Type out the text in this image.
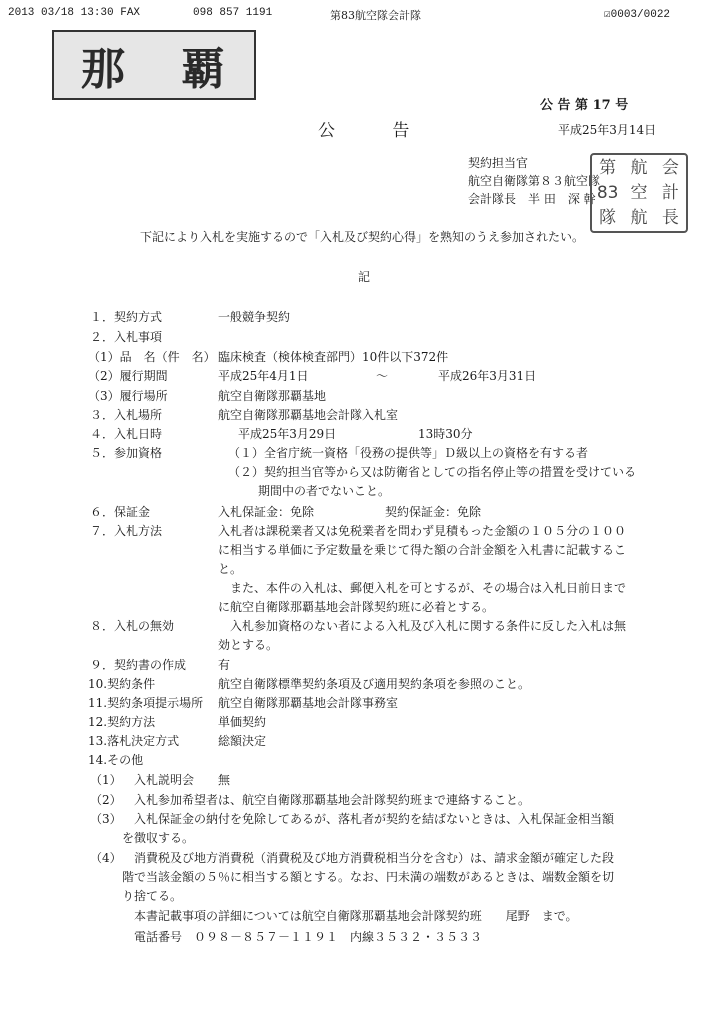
2013 03/18 13:30 FAX	098 857 1191	第83航空隊会計隊	☑0003/0022
那 覇
公 告 第 17 号
公 告	平成25年3月14日
契約担当官
航空自衛隊第８３航空隊
会計隊長　半 田　深 幹
第 航 会
83 空 計
隊 航 長
下記により入札を実施するので「入札及び契約心得」を熟知のうえ参加されたい。
記
１．契約方式	一般競争契約
２．入札事項
（1）品　名（件　名） 臨床検査（検体検査部門）10件以下372件
（2）履行期間	平成25年4月1日	～	平成26年3月31日
（3）履行場所	航空自衛隊那覇基地
３．入札場所	航空自衛隊那覇基地会計隊入札室
４．入札日時	平成25年3月29日	13時30分
５．参加資格	（１）全省庁統一資格「役務の提供等」Ｄ級以上の資格を有する者
（２）契約担当官等から又は防衛省としての指名停止等の措置を受けている
期間中の者でないこと。
６．保証金	入札保証金：免除	契約保証金：免除
７．入札方法	入札者は課税業者又は免税業者を問わず見積もった金額の１０５分の１００
に相当する単価に予定数量を乗じて得た額の合計金額を入札書に記載するこ
と。
また、本件の入札は、郵便入札を可とするが、その場合は入札日前日まで
に航空自衛隊那覇基地会計隊契約班に必着とする。
８．入札の無効	入札参加資格のない者による入札及び入札に関する条件に反した入札は無
効とする。
９．契約書の作成	有
10.契約条件	航空自衛隊標準契約条項及び適用契約条項を参照のこと。
11.契約条項提示場所 航空自衛隊那覇基地会計隊事務室
12.契約方法	単価契約
13.落札決定方式	総額決定
14.その他
（1） 入札説明会　　無
（2） 入札参加希望者は、航空自衛隊那覇基地会計隊契約班まで連絡すること。
（3） 入札保証金の納付を免除してあるが、落札者が契約を結ばないときは、入札保証金相当額
を徴収する。
（4） 消費税及び地方消費税（消費税及び地方消費税相当分を含む）は、請求金額が確定した段
階で当該金額の５％に相当する額とする。なお、円未満の端数があるときは、端数金額を切
り捨てる。
本書記載事項の詳細については航空自衛隊那覇基地会計隊契約班　　尾野　まで。
電話番号　０９８－８５７－１１９１　内線３５３２・３５３３
